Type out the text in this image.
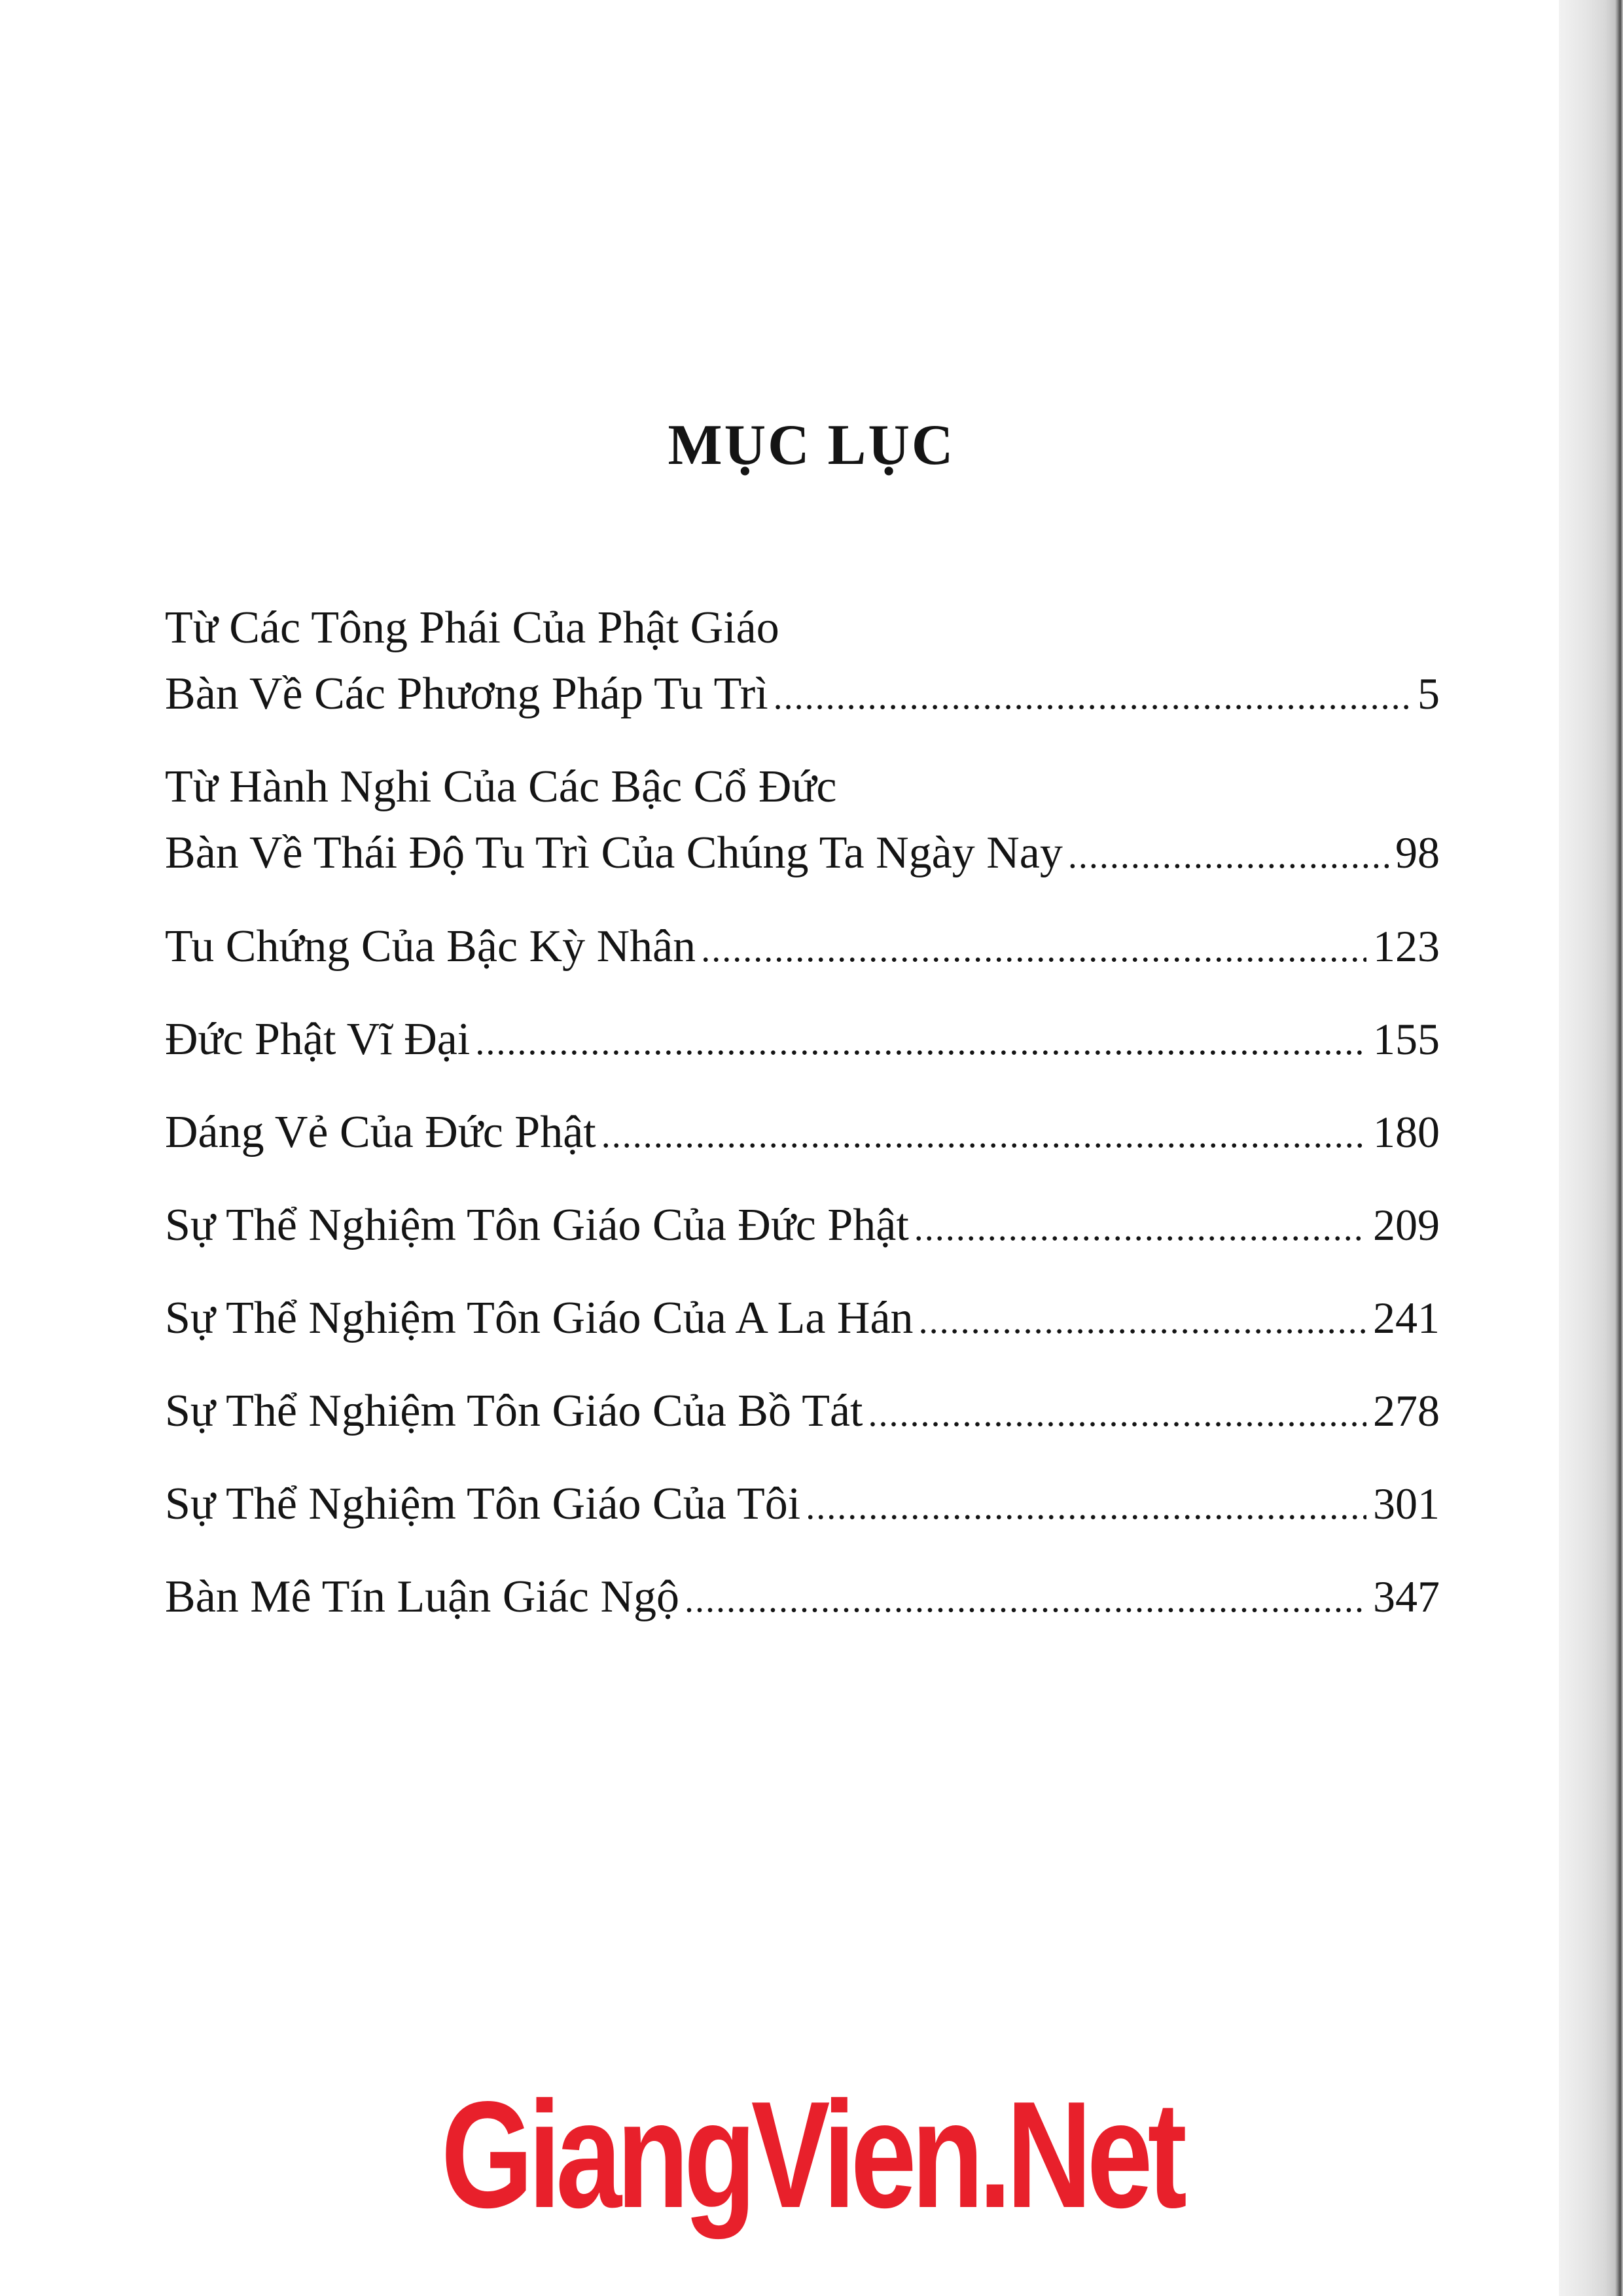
MỤC LỤC
Từ Các Tông Phái Của Phật Giáo
Bàn Về Các Phương Pháp Tu Trì .....	5
Từ Hành Nghi Của Các Bậc Cổ Đức
Bàn Về Thái Độ Tu Trì Của Chúng Ta Ngày Nay .....	98
Tu Chứng Của Bậc Kỳ Nhân .....	123
Đức Phật Vĩ Đại .....	155
Dáng Vẻ Của Đức Phật .....	180
Sự Thể Nghiệm Tôn Giáo Của Đức Phật .....	209
Sự Thể Nghiệm Tôn Giáo Của A La Hán .....	241
Sự Thể Nghiệm Tôn Giáo Của Bồ Tát .....	278
Sự Thể Nghiệm Tôn Giáo Của Tôi .....	301
Bàn Mê Tín Luận Giác Ngộ .....	347
GiangVien.Net
